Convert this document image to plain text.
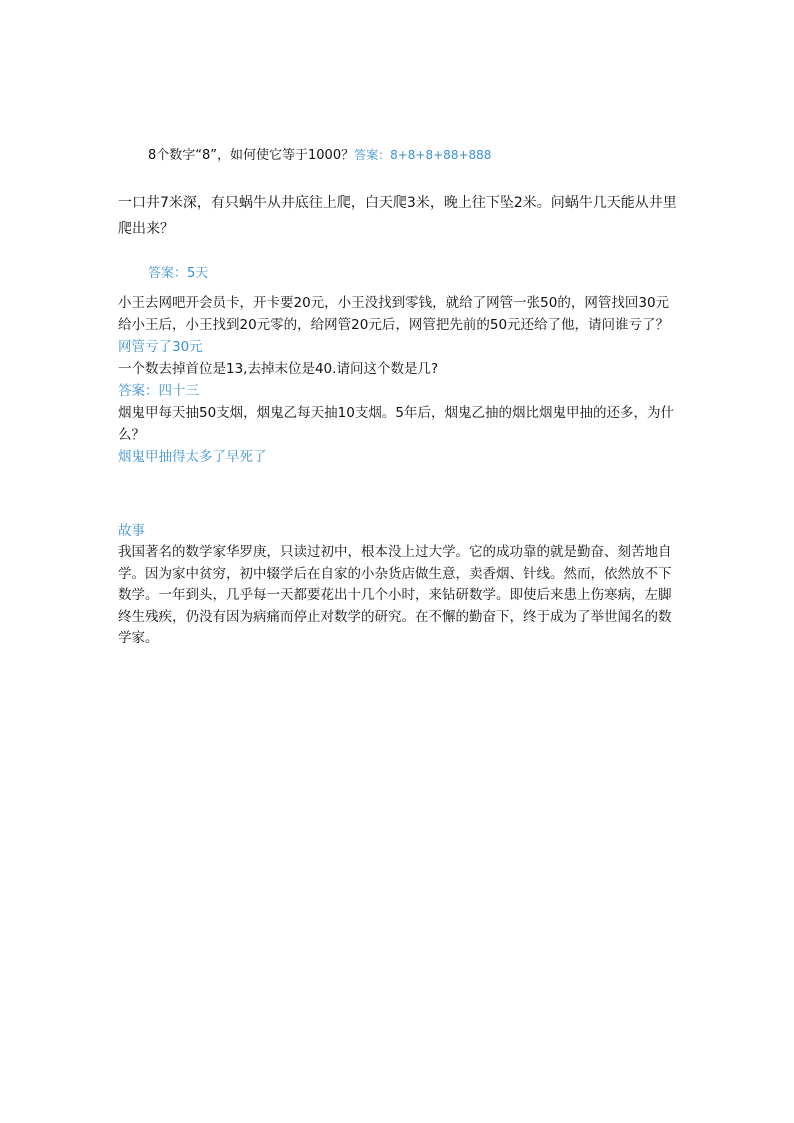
8个数字“8”，如何使它等于1000？答案：8+8+8+88+888
一口井7米深，有只蜗牛从井底往上爬，白天爬3米，晚上往下坠2米。问蜗牛几天能从井里爬出来？
答案：5天
小王去网吧开会员卡，开卡要20元，小王没找到零钱，就给了网管一张50的，网管找回30元给小王后，小王找到20元零的，给网管20元后，网管把先前的50元还给了他，请问谁亏了？
网管亏了30元
一个数去掉首位是13,去掉末位是40.请问这个数是几?
答案：四十三
烟鬼甲每天抽50支烟，烟鬼乙每天抽10支烟。5年后，烟鬼乙抽的烟比烟鬼甲抽的还多，为什么？
烟鬼甲抽得太多了早死了
故事
我国著名的数学家华罗庚，只读过初中，根本没上过大学。它的成功靠的就是勤奋、刻苦地自学。因为家中贫穷，初中辍学后在自家的小杂货店做生意，卖香烟、针线。然而，依然放不下数学。一年到头，几乎每一天都要花出十几个小时，来钻研数学。即使后来患上伤寒病，左脚终生残疾，仍没有因为病痛而停止对数学的研究。在不懈的勤奋下，终于成为了举世闻名的数学家。
